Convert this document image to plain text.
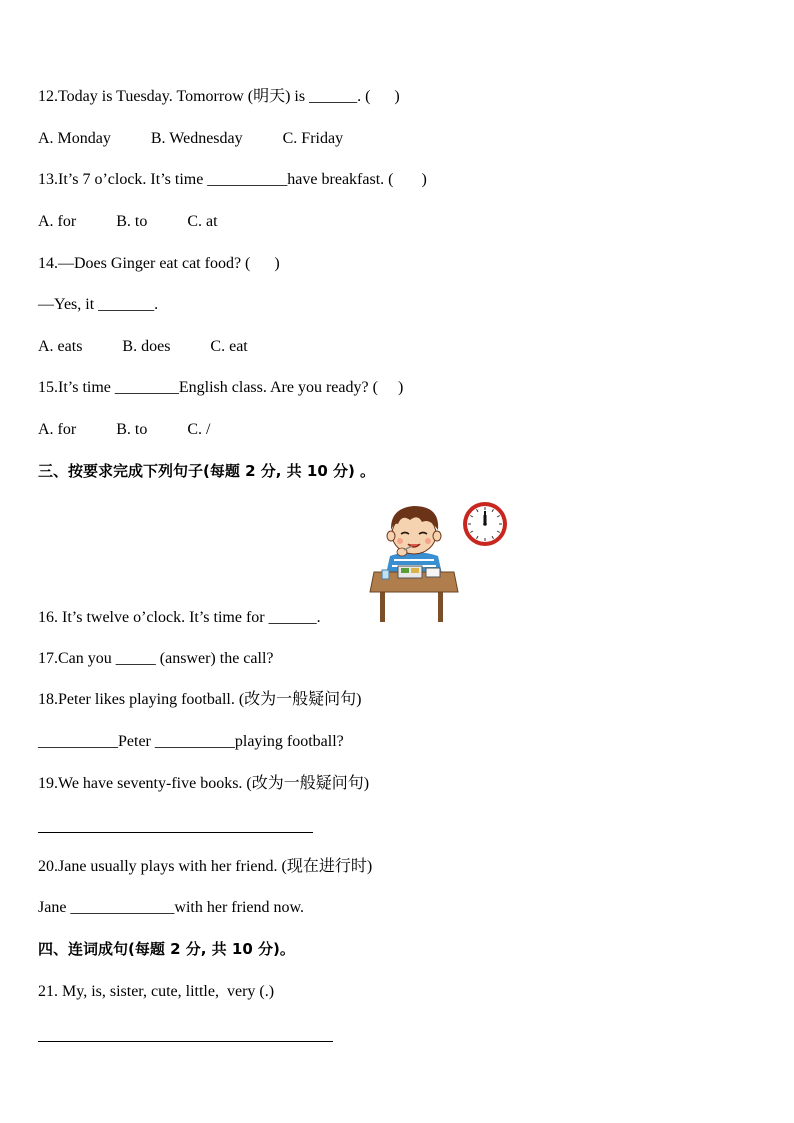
12.Today is Tuesday. Tomorrow (明天) is ______. (      )
A. Monday          B. Wednesday          C. Friday
13.It’s 7 o’clock. It’s time __________have breakfast. (       )
A. for          B. to          C. at
14.—Does Ginger eat cat food? (      )
—Yes, it _______.
A. eats          B. does          C. eat
15.It’s time ________English class. Are you ready? (     )
A. for          B. to          C. /
三、按要求完成下列句子(每题 2 分, 共 10 分) 。
16. It’s twelve o’clock. It’s time for ______.
17.Can you _____ (answer) the call?
18.Peter likes playing football. (改为一般疑问句)
__________Peter __________playing football?
19.We have seventy-five books. (改为一般疑问句)
20.Jane usually plays with her friend. (现在进行时)
Jane _____________with her friend now.
四、连词成句(每题 2 分, 共 10 分)。
21. My, is, sister, cute, little,  very (.)
